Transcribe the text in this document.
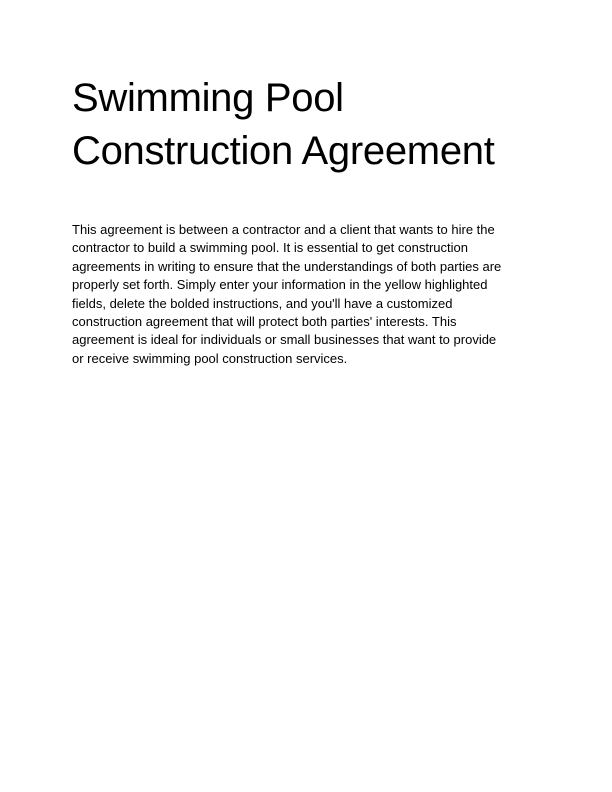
Swimming Pool
Construction Agreement

This agreement is between a contractor and a client that wants to hire the
contractor to build a swimming pool. It is essential to get construction
agreements in writing to ensure that the understandings of both parties are
properly set forth. Simply enter your information in the yellow highlighted
fields, delete the bolded instructions, and you'll have a customized
construction agreement that will protect both parties' interests. This
agreement is ideal for individuals or small businesses that want to provide
or receive swimming pool construction services.
